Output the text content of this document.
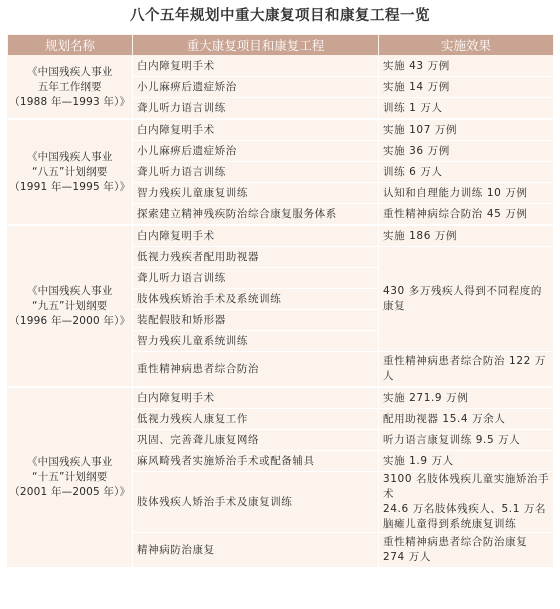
八个五年规划中重大康复项目和康复工程一览
规划名称	重大康复项目和康复工程	实施效果

《中国残疾人事业
五年工作纲要
（1988 年—1993 年）》	白内障复明手术	实施 43 万例
	小儿麻痹后遗症矫治	实施 14 万例
	聋儿听力语言训练	训练 1 万人

《中国残疾人事业
“八五”计划纲要
（1991 年—1995 年）》	白内障复明手术	实施 107 万例
	小儿麻痹后遗症矫治	实施 36 万例
	聋儿听力语言训练	训练 6 万人
	智力残疾儿童康复训练	认知和自理能力训练 10 万例
	探索建立精神残疾防治综合康复服务体系	重性精神病综合防治 45 万例

《中国残疾人事业
“九五”计划纲要
（1996 年—2000 年）》	白内障复明手术	实施 186 万例
	低视力残疾者配用助视器	430 多万残疾人得到不同程度的康复
	聋儿听力语言训练	
	肢体残疾矫治手术及系统训练	
	装配假肢和矫形器	
	智力残疾儿童系统训练	
	重性精神病患者综合防治	重性精神病患者综合防治 122 万人

《中国残疾人事业
“十五”计划纲要
（2001 年—2005 年）》	白内障复明手术	实施 271.9 万例
	低视力残疾人康复工作	配用助视器 15.4 万余人
	巩固、完善聋儿康复网络	听力语言康复训练 9.5 万人
	麻风畸残者实施矫治手术或配备辅具	实施 1.9 万人
	肢体残疾人矫治手术及康复训练	3100 名肢体残疾儿童实施矫治手术
24.6 万名肢体残疾人、5.1 万名脑瘫儿童得到系统康复训练
	精神病防治康复	重性精神病患者综合防治康复 274 万人
